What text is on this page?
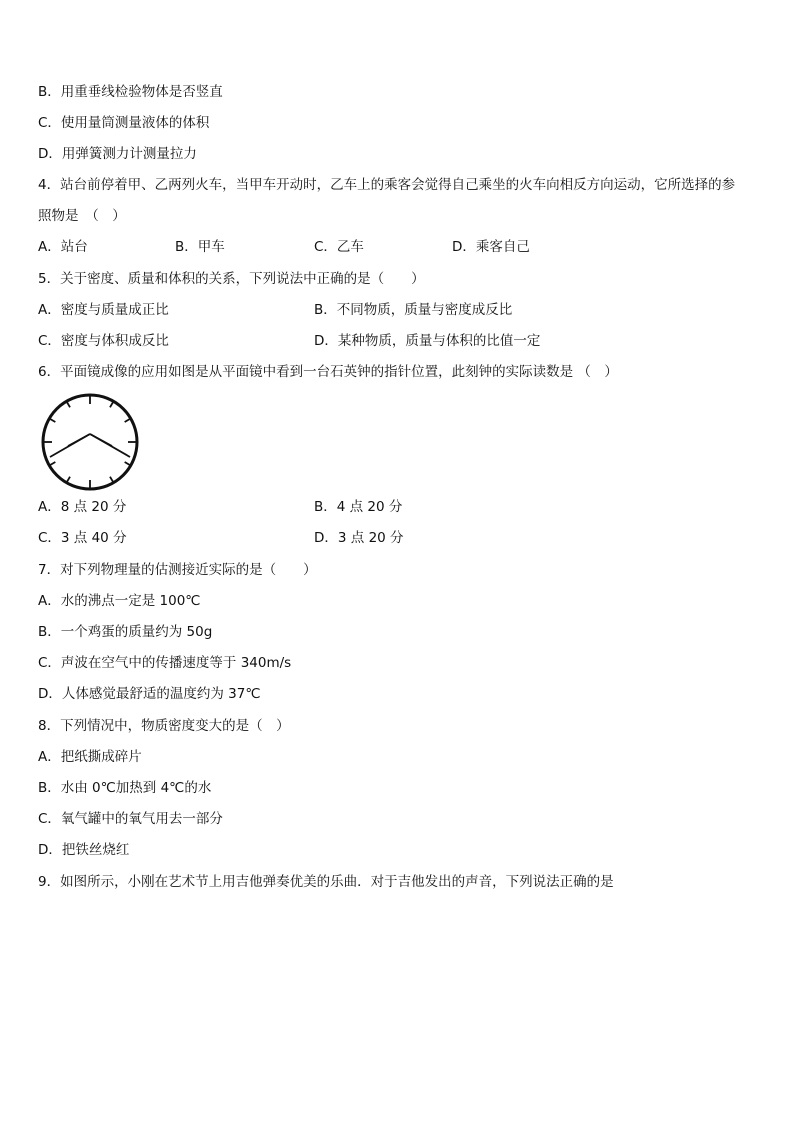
B．用重垂线检验物体是否竖直
C．使用量筒测量液体的体积
D．用弹簧测力计测量拉力
4．站台前停着甲、乙两列火车，当甲车开动时，乙车上的乘客会觉得自己乘坐的火车向相反方向运动，它所选择的参
照物是　（　）
A．站台	B．甲车	C．乙车	D．乘客自己
5．关于密度、质量和体积的关系，下列说法中正确的是（　　）
A．密度与质量成正比	B．不同物质，质量与密度成反比
C．密度与体积成反比	D．某种物质，质量与体积的比值一定
6．平面镜成像的应用如图是从平面镜中看到一台石英钟的指针位置，此刻钟的实际读数是 （　）
A．8 点 20 分	B．4 点 20 分
C．3 点 40 分	D．3 点 20 分
7．对下列物理量的估测接近实际的是（　　）
A．水的沸点一定是 100℃
B．一个鸡蛋的质量约为 50g
C．声波在空气中的传播速度等于 340m/s
D．人体感觉最舒适的温度约为 37℃
8．下列情况中，物质密度变大的是（　）
A．把纸撕成碎片
B．水由 0℃加热到 4℃的水
C．氧气罐中的氧气用去一部分
D．把铁丝烧红
9．如图所示，小刚在艺术节上用吉他弹奏优美的乐曲．对于吉他发出的声音，下列说法正确的是
